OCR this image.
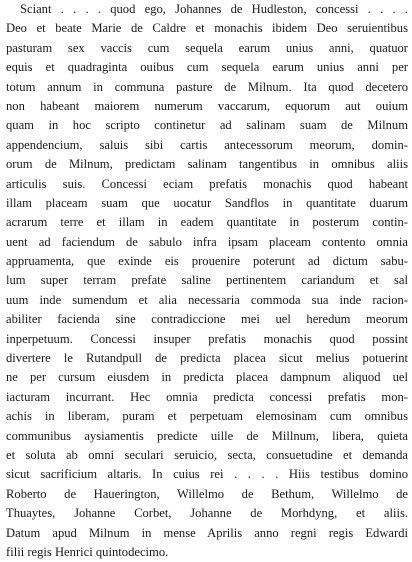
Sciant . . . . quod ego, Johannes de Hudleston, concessi . . . .
Deo et beate Marie de Caldre et monachis ibidem Deo seruientibus
pasturam sex vaccis cum sequela earum unius anni, quatuor
equis et quadraginta ouibus cum sequela earum unius anni per
totum annum in communa pasture de Milnum. Ita quod decetero
non habeant maiorem numerum vaccarum, equorum aut ouium
quam in hoc scripto continetur ad salinam suam de Milnum
appendencium, saluis sibi cartis antecessorum meorum, domin-
orum de Milnum, predictam salinam tangentibus in omnibus aliis
articulis suis. Concessi eciam prefatis monachis quod habeant
illam placeam suam que uocatur Sandflos in quantitate duarum
acrarum terre et illam in eadem quantitate in posterum contin-
uent ad faciendum de sabulo infra ipsam placeam contento omnia
appruamenta, que exinde eis prouenire poterunt ad dictum sabu-
lum super terram prefate saline pertinentem cariandum et sal
uum inde sumendum et alia necessaria commoda sua inde racion-
abiliter facienda sine contradiccione mei uel heredum meorum
inperpetuum. Concessi insuper prefatis monachis quod possint
divertere le Rutandpull de predicta placea sicut melius potuerint
ne per cursum eiusdem in predicta placea dampnum aliquod uel
iacturam incurrant. Hec omnia predicta concessi prefatis mon-
achis in liberam, puram et perpetuam elemosinam cum omnibus
communibus aysiamentis predicte uille de Millnum, libera, quieta
et soluta ab omni seculari seruicio, secta, consuetudine et demanda
sicut sacrificium altaris. In cuius rei . . . . Hiis testibus domino
Roberto de Hauerington, Willelmo de Bethum, Willelmo de
Thuaytes, Johanne Corbet, Johanne de Morhdyng, et aliis.
Datum apud Milnum in mense Aprilis anno regni regis Edwardi
filii regis Henrici quintodecimo.
